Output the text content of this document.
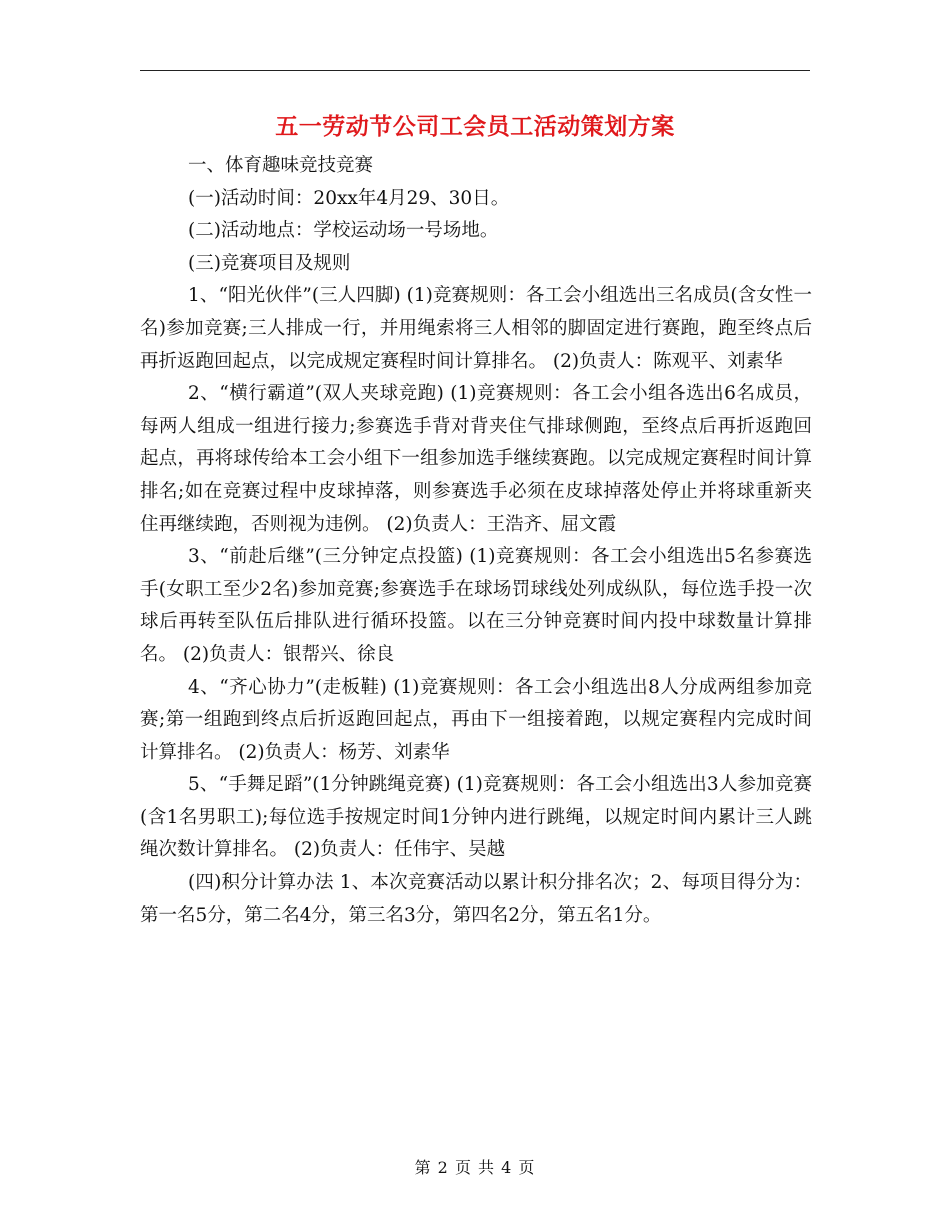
五一劳动节公司工会员工活动策划方案

一、体育趣味竞技竞赛

(一)活动时间：20xx年4月29、30日。

(二)活动地点：学校运动场一号场地。

(三)竞赛项目及规则

1、“阳光伙伴”(三人四脚) (1)竞赛规则：各工会小组选出三名成员(含女性一名)参加竞赛;三人排成一行，并用绳索将三人相邻的脚固定进行赛跑，跑至终点后再折返跑回起点，以完成规定赛程时间计算排名。 (2)负责人：陈观平、刘素华

2、“横行霸道”(双人夹球竞跑) (1)竞赛规则：各工会小组各选出6名成员，每两人组成一组进行接力;参赛选手背对背夹住气排球侧跑，至终点后再折返跑回起点，再将球传给本工会小组下一组参加选手继续赛跑。以完成规定赛程时间计算排名;如在竞赛过程中皮球掉落，则参赛选手必须在皮球掉落处停止并将球重新夹住再继续跑，否则视为违例。 (2)负责人：王浩齐、屈文霞

3、“前赴后继”(三分钟定点投篮) (1)竞赛规则：各工会小组选出5名参赛选手(女职工至少2名)参加竞赛;参赛选手在球场罚球线处列成纵队，每位选手投一次球后再转至队伍后排队进行循环投篮。以在三分钟竞赛时间内投中球数量计算排名。 (2)负责人：银帮兴、徐良

4、“齐心协力”(走板鞋) (1)竞赛规则：各工会小组选出8人分成两组参加竞赛;第一组跑到终点后折返跑回起点，再由下一组接着跑，以规定赛程内完成时间计算排名。 (2)负责人：杨芳、刘素华

5、“手舞足蹈”(1分钟跳绳竞赛) (1)竞赛规则：各工会小组选出3人参加竞赛(含1名男职工);每位选手按规定时间1分钟内进行跳绳，以规定时间内累计三人跳绳次数计算排名。 (2)负责人：任伟宇、吴越

(四)积分计算办法 1、本次竞赛活动以累计积分排名次；2、每项目得分为：第一名5分，第二名4分，第三名3分，第四名2分，第五名1分。

第 2 页 共 4 页
